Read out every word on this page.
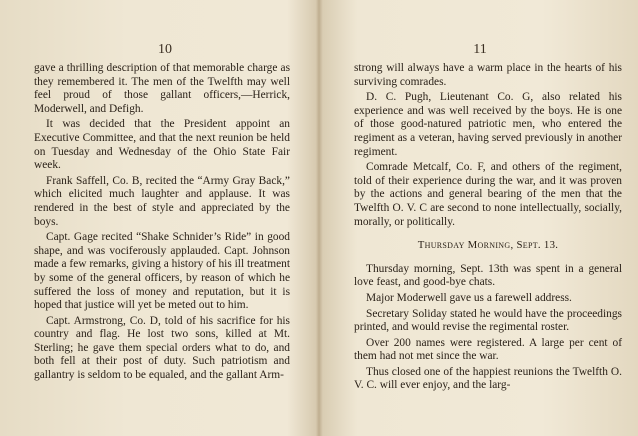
10

gave a thrilling description of that memorable charge as they remembered it. The men of the Twelfth may well feel proud of those gallant officers,—Herrick, Moderwell, and Defigh.

It was decided that the President appoint an Executive Committee, and that the next reunion be held on Tuesday and Wednesday of the Ohio State Fair week.

Frank Saffell, Co. B, recited the “Army Gray Back,” which elicited much laughter and applause. It was rendered in the best of style and appreciated by the boys.

Capt. Gage recited “Shake Schnider’s Ride” in good shape, and was vociferously applauded. Capt. Johnson made a few remarks, giving a history of his ill treatment by some of the general officers, by reason of which he suffered the loss of money and reputation, but it is hoped that justice will yet be meted out to him.

Capt. Armstrong, Co. D, told of his sacrifice for his country and flag. He lost two sons, killed at Mt. Sterling; he gave them special orders what to do, and both fell at their post of duty. Such patriotism and gallantry is seldom to be equaled, and the gallant Arm-

11

strong will always have a warm place in the hearts of his surviving comrades.

D. C. Pugh, Lieutenant Co. G, also related his experience and was well received by the boys. He is one of those good-natured patriotic men, who entered the regiment as a veteran, having served previously in another regiment.

Comrade Metcalf, Co. F, and others of the regiment, told of their experience during the war, and it was proven by the actions and general bearing of the men that the Twelfth O. V. C are second to none intellectually, socially, morally, or politically.

Thursday Morning, Sept. 13.

Thursday morning, Sept. 13th was spent in a general love feast, and good-bye chats.

Major Moderwell gave us a farewell address.

Secretary Soliday stated he would have the proceedings printed, and would revise the regimental roster.

Over 200 names were registered. A large per cent of them had not met since the war.

Thus closed one of the happiest reunions the Twelfth O. V. C. will ever enjoy, and the larg-
